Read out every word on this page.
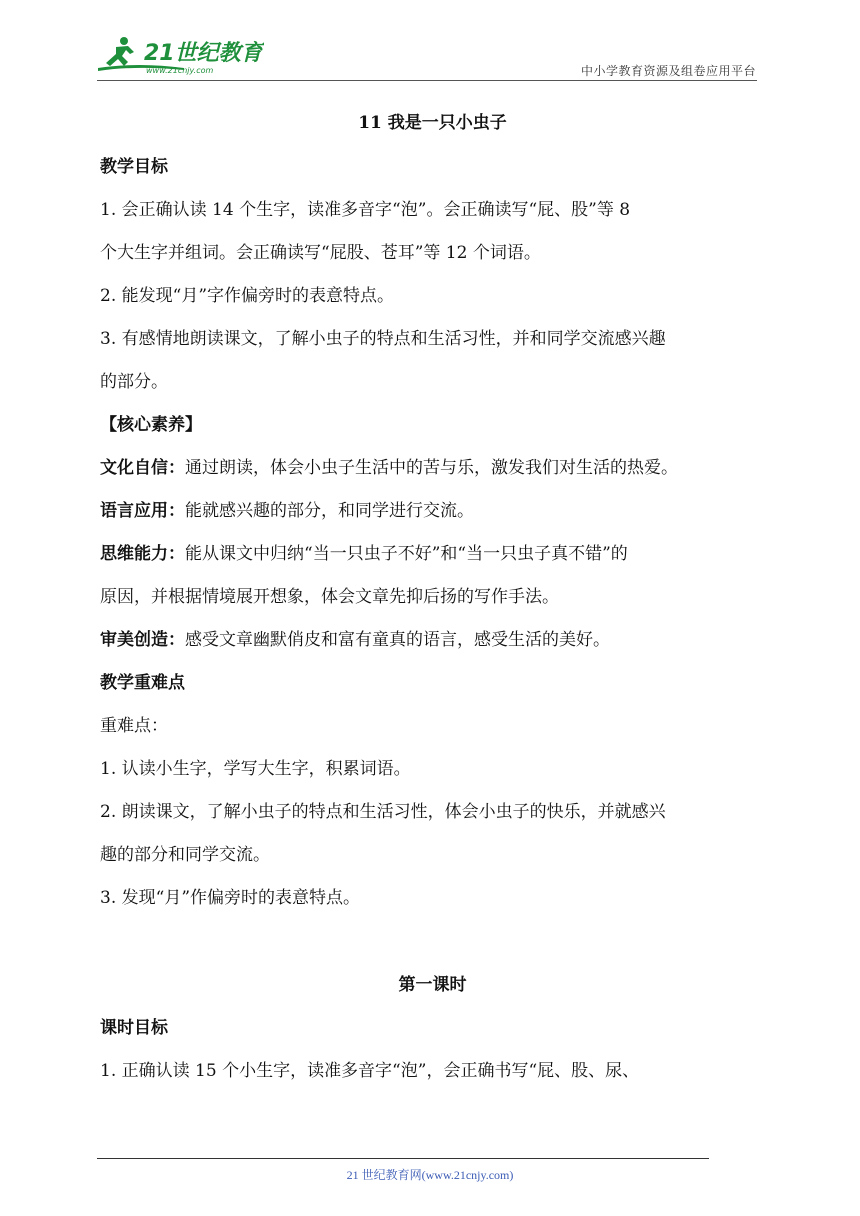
21世纪教育
www.21cnjy.com	中小学教育资源及组卷应用平台
11 我是一只小虫子
教学目标
1. 会正确认读 14 个生字，读准多音字“泡”。会正确读写“屁、股”等 8
个大生字并组词。会正确读写“屁股、苍耳”等 12 个词语。
2. 能发现“月”字作偏旁时的表意特点。
3. 有感情地朗读课文，了解小虫子的特点和生活习性，并和同学交流感兴趣
的部分。
【核心素养】
文化自信：通过朗读，体会小虫子生活中的苦与乐，激发我们对生活的热爱。
语言应用：能就感兴趣的部分，和同学进行交流。
思维能力：能从课文中归纳“当一只虫子不好”和“当一只虫子真不错”的
原因，并根据情境展开想象，体会文章先抑后扬的写作手法。
审美创造：感受文章幽默俏皮和富有童真的语言，感受生活的美好。
教学重难点
重难点：
1. 认读小生字，学写大生字，积累词语。
2. 朗读课文，了解小虫子的特点和生活习性，体会小虫子的快乐，并就感兴
趣的部分和同学交流。
3. 发现“月”作偏旁时的表意特点。
第一课时
课时目标
1. 正确认读 15 个小生字，读准多音字“泡”，会正确书写“屁、股、尿、
21 世纪教育网(www.21cnjy.com)
